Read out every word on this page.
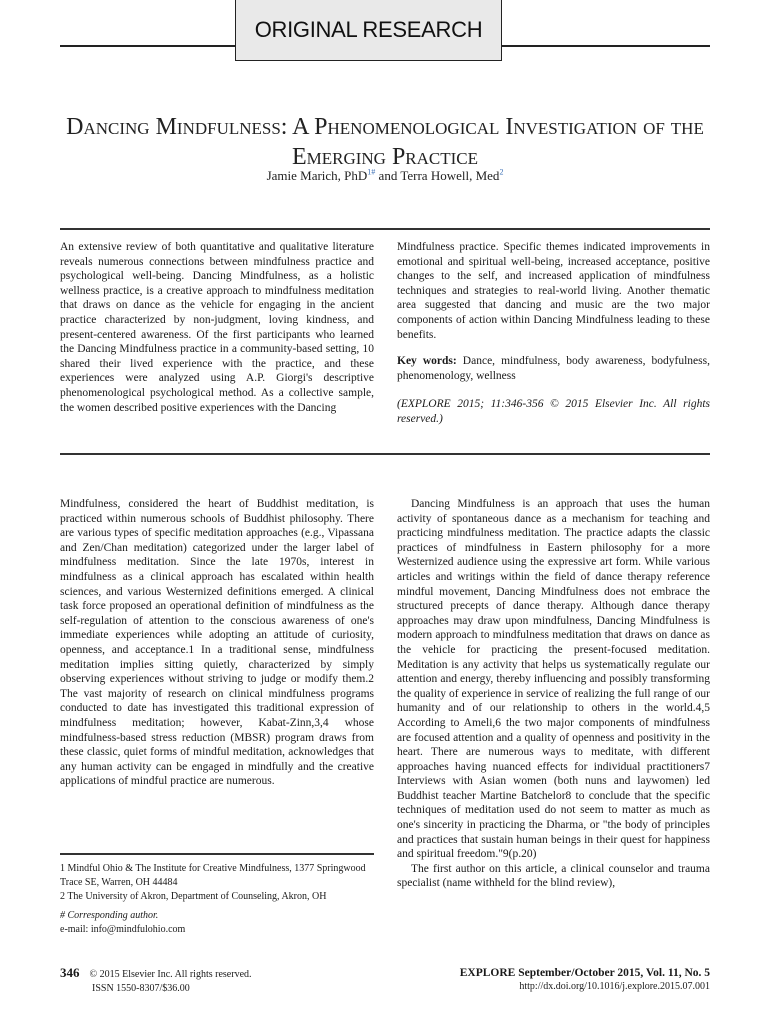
ORIGINAL RESEARCH
Dancing Mindfulness: A Phenomenological Investigation of the
Emerging Practice
Jamie Marich, PhD$^{1\#}$ and Terra Howell, Med$^2$

An extensive review of both quantitative and qualitative literature reveals numerous connections between mindfulness practice and psychological well-being. Dancing Mindfulness, as a holistic wellness practice, is a creative approach to mindfulness meditation that draws on dance as the vehicle for engaging in the ancient practice characterized by non-judgment, loving kindness, and present-centered awareness. Of the first participants who learned the Dancing Mindfulness practice in a community-based setting, 10 shared their lived experience with the practice, and these experiences were analyzed using A.P. Giorgi's descriptive phenomenological psychological method. As a collective sample, the women described positive experiences with the Dancing

Mindfulness practice. Specific themes indicated improvements in emotional and spiritual well-being, increased acceptance, positive changes to the self, and increased application of mindfulness techniques and strategies to real-world living. Another thematic area suggested that dancing and music are the two major components of action within Dancing Mindfulness leading to these benefits.

Key words: Dance, mindfulness, body awareness, bodyfulness, phenomenology, wellness

(EXPLORE 2015; 11:346-356 © 2015 Elsevier Inc. All rights reserved.)

Mindfulness, considered the heart of Buddhist meditation, is practiced within numerous schools of Buddhist philosophy. There are various types of specific meditation approaches (e.g., Vipassana and Zen/Chan meditation) categorized under the larger label of mindfulness meditation. Since the late 1970s, interest in mindfulness as a clinical approach has escalated within health sciences, and various Westernized definitions emerged. A clinical task force proposed an operational definition of mindfulness as the self-regulation of attention to the conscious awareness of one's immediate experiences while adopting an attitude of curiosity, openness, and acceptance.1 In a traditional sense, mindfulness meditation implies sitting quietly, characterized by simply observing experiences without striving to judge or modify them.2 The vast majority of research on clinical mindfulness programs conducted to date has investigated this traditional expression of mindfulness meditation; however, Kabat-Zinn,3,4 whose mindfulness-based stress reduction (MBSR) program draws from these classic, quiet forms of mindful meditation, acknowledges that any human activity can be engaged in mindfully and the creative applications of mindful practice are numerous.

Dancing Mindfulness is an approach that uses the human activity of spontaneous dance as a mechanism for teaching and practicing mindfulness meditation. The practice adapts the classic practices of mindfulness in Eastern philosophy for a more Westernized audience using the expressive art form. While various articles and writings within the field of dance therapy reference mindful movement, Dancing Mindfulness does not embrace the structured precepts of dance therapy. Although dance therapy approaches may draw upon mindfulness, Dancing Mindfulness is modern approach to mindfulness meditation that draws on dance as the vehicle for practicing the present-focused meditation. Meditation is any activity that helps us systematically regulate our attention and energy, thereby influencing and possibly transforming the quality of experience in service of realizing the full range of our humanity and of our relationship to others in the world.4,5 According to Ameli,6 the two major components of mindfulness are focused attention and a quality of openness and positivity in the heart. There are numerous ways to meditate, with different approaches having nuanced effects for individual practitioners7 Interviews with Asian women (both nuns and laywomen) led Buddhist teacher Martine Batchelor8 to conclude that the specific techniques of meditation used do not seem to matter as much as one's sincerity in practicing the Dharma, or "the body of principles and practices that sustain human beings in their quest for happiness and spiritual freedom."9(p.20)

The first author on this article, a clinical counselor and trauma specialist (name withheld for the blind review),

1 Mindful Ohio & The Institute for Creative Mindfulness, 1377 Springwood Trace SE, Warren, OH 44484

2 The University of Akron, Department of Counseling, Akron, OH

# Corresponding author.

e-mail: info@mindfulohio.com

346 © 2015 Elsevier Inc. All rights reserved.
ISSN 1550-8307/$36.00
EXPLORE September/October 2015, Vol. 11, No. 5
http://dx.doi.org/10.1016/j.explore.2015.07.001
